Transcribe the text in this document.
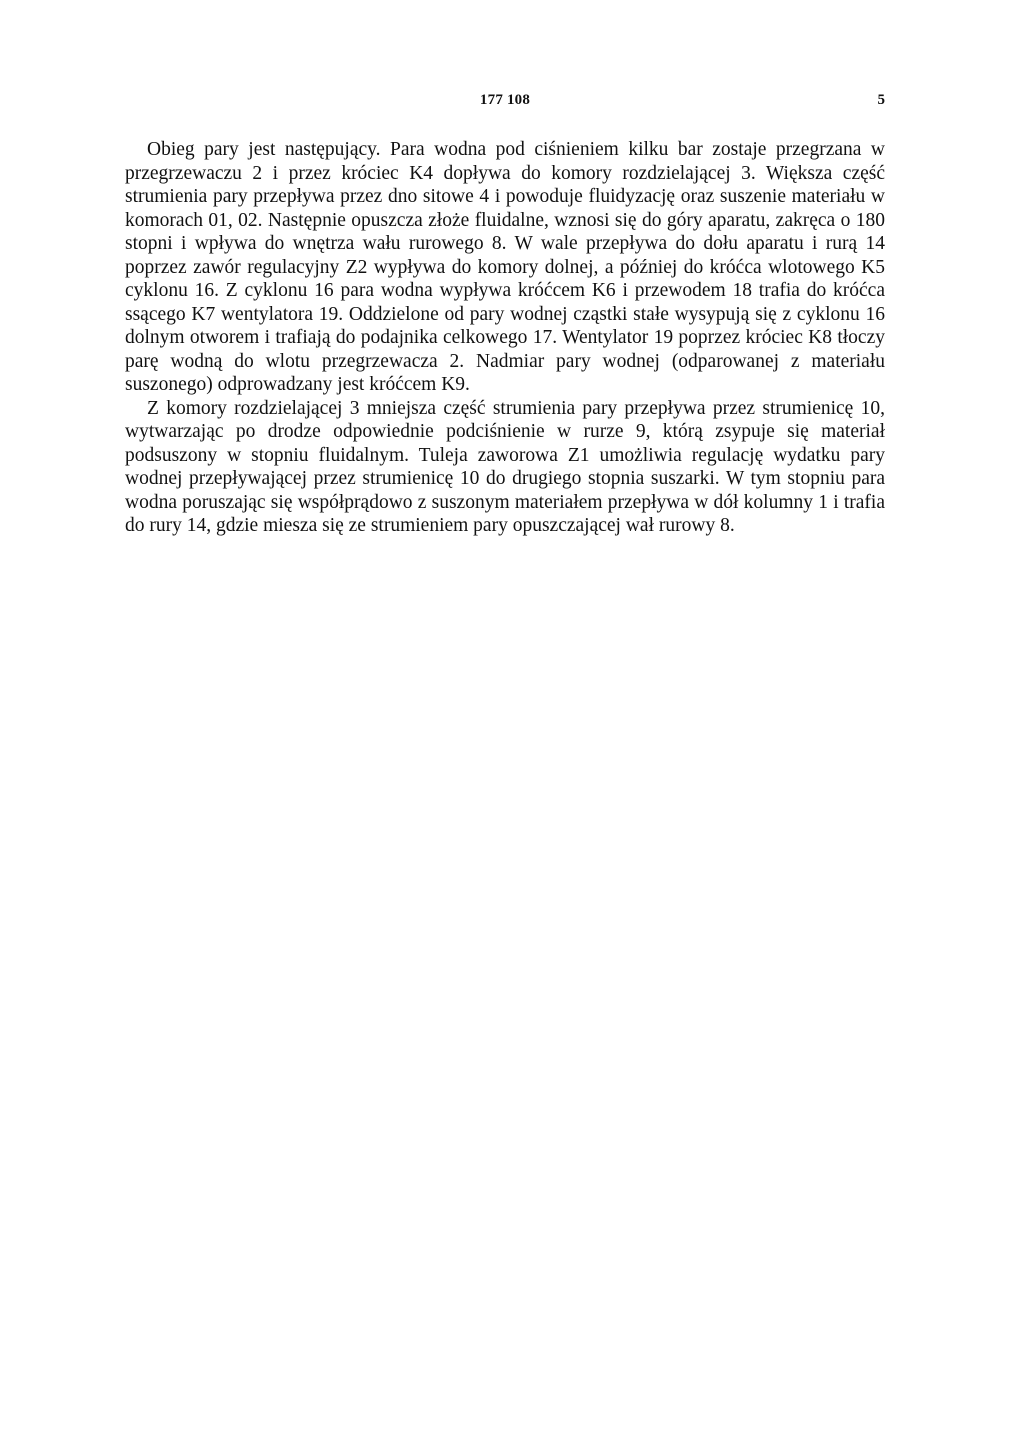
177 108	5

Obieg pary jest następujący. Para wodna pod ciśnieniem kilku bar zostaje przegrzana w przegrzewaczu 2 i przez króciec K4 dopływa do komory rozdzielającej 3. Większa część strumienia pary przepływa przez dno sitowe 4 i powoduje fluidyzację oraz suszenie materiału w komorach 01, 02. Następnie opuszcza złoże fluidalne, wznosi się do góry aparatu, zakręca o 180 stopni i wpływa do wnętrza wału rurowego 8. W wale przepływa do dołu aparatu i rurą 14 poprzez zawór regulacyjny Z2 wypływa do komory dolnej, a później do króćca wlotowego K5 cyklonu 16. Z cyklonu 16 para wodna wypływa króćcem K6 i przewodem 18 trafia do króćca ssącego K7 wentylatora 19. Oddzielone od pary wodnej cząstki stałe wysypują się z cyklonu 16 dolnym otworem i trafiają do podajnika celkowego 17. Wentylator 19 poprzez króciec K8 tłoczy parę wodną do wlotu przegrzewacza 2. Nadmiar pary wodnej (odparowanej z materiału suszonego) odprowadzany jest króćcem K9.

Z komory rozdzielającej 3 mniejsza część strumienia pary przepływa przez strumienicę 10, wytwarzając po drodze odpowiednie podciśnienie w rurze 9, którą zsypuje się materiał podsuszony w stopniu fluidalnym. Tuleja zaworowa Z1 umożliwia regulację wydatku pary wodnej przepływającej przez strumienicę 10 do drugiego stopnia suszarki. W tym stopniu para wodna poruszając się współprądowo z suszonym materiałem przepływa w dół kolumny 1 i trafia do rury 14, gdzie miesza się ze strumieniem pary opuszczającej wał rurowy 8.
